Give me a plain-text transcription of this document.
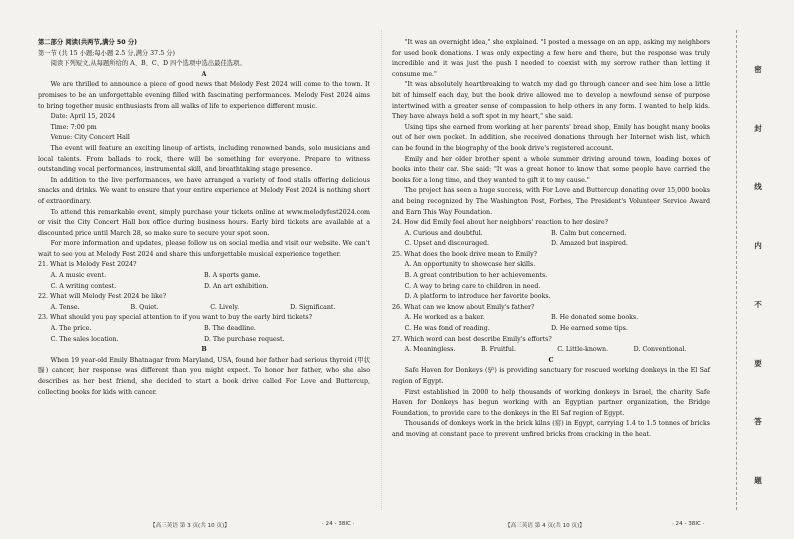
第二部分 阅读(共两节,满分 50 分)

第一节 (共 15 小题;每小题 2.5 分,满分 37.5 分)

阅读下列短文,从每题所给的 A、B、C、D 四个选项中选出最佳选项。

A

We are thrilled to announce a piece of good news that Melody Fest 2024 will come to the town. It promises to be an unforgettable evening filled with fascinating performances. Melody Fest 2024 aims to bring together music enthusiasts from all walks of life to experience different music.

Date: April 15, 2024

Time: 7:00 pm

Venue: City Concert Hall

The event will feature an exciting lineup of artists, including renowned bands, solo musicians and local talents. From ballads to rock, there will be something for everyone. Prepare to witness outstanding vocal performances, instrumental skill, and breathtaking stage presence.

In addition to the live performances, we have arranged a variety of food stalls offering delicious snacks and drinks. We want to ensure that your entire experience at Melody Fest 2024 is nothing short of extraordinary.

To attend this remarkable event, simply purchase your tickets online at www.melodyfest2024.com or visit the City Concert Hall box office during business hours. Early bird tickets are available at a discounted price until March 28, so make sure to secure your spot soon.

For more information and updates, please follow us on social media and visit our website. We can't wait to see you at Melody Fest 2024 and share this unforgettable musical experience together.

21. What is Melody Fest 2024?

A. A music event.	B. A sports game.
C. A writing contest.	D. An art exhibition.

22. What will Melody Fest 2024 be like?

A. Tense.	B. Quiet.	C. Lively.	D. Significant.

23. What should you pay special attention to if you want to buy the early bird tickets?

A. The price.	B. The deadline.
C. The sales location.	D. The purchase request.

B

When 19 year-old Emily Bhatnagar from Maryland, USA, found her father had serious thyroid (甲状腺) cancer, her response was different than you might expect. To honor her father, who she also describes as her best friend, she decided to start a book drive called For Love and Buttercup, collecting books for kids with cancer.

"It was an overnight idea," she explained. "I posted a message on an app, asking my neighbors for used book donations. I was only expecting a few here and there, but the response was truly incredible and it was just the push I needed to coexist with my sorrow rather than letting it consume me."

"It was absolutely heartbreaking to watch my dad go through cancer and see him lose a little bit of himself each day, but the book drive allowed me to develop a newfound sense of purpose intertwined with a greater sense of compassion to help others in any form. I wanted to help kids. They have always held a soft spot in my heart," she said.

Using tips she earned from working at her parents' bread shop, Emily has bought many books out of her own pocket. In addition, she received donations through her Internet wish list, which can be found in the biography of the book drive's registered account.

Emily and her older brother spent a whole summer driving around town, loading boxes of books into their car. She said: "It was a great honor to know that some people have carried the books for a long time, and they wanted to gift it to my cause."

The project has seen a huge success, with For Love and Buttercup donating over 15,000 books and being recognized by The Washington Post, Forbes, The President's Volunteer Service Award and Earn This Way Foundation.

24. How did Emily feel about her neighbors' reaction to her desire?

A. Curious and doubtful.	B. Calm but concerned.
C. Upset and discouraged.	D. Amazed but inspired.

25. What does the book drive mean to Emily?

A. An opportunity to showcase her skills.

B. A great contribution to her achievements.

C. A way to bring care to children in need.

D. A platform to introduce her favorite books.

26. What can we know about Emily's father?

A. He worked as a baker.	B. He donated some books.
C. He was fond of reading.	D. He earned some tips.

27. Which word can best describe Emily's efforts?

A. Meaningless.	B. Fruitful.	C. Little-known.	D. Conventional.

C

Safe Haven for Donkeys (驴) is providing sanctuary for rescued working donkeys in the El Saf region of Egypt.

First established in 2000 to help thousands of working donkeys in Israel, the charity Safe Haven for Donkeys has begun working with an Egyptian partner organization, the Bridge Foundation, to provide care to the donkeys in the El Saf region of Egypt.

Thousands of donkeys work in the brick kilns (窑) in Egypt, carrying 1.4 to 1.5 tonnes of bricks and moving at constant pace to prevent unfired bricks from cracking in the heat.

【高三英语 第 3 页(共 10 页)】	· 24 - 38IC ·	【高三英语 第 4 页(共 10 页)】	· 24 - 38IC ·
密
封
线
内
不
要
答
题
